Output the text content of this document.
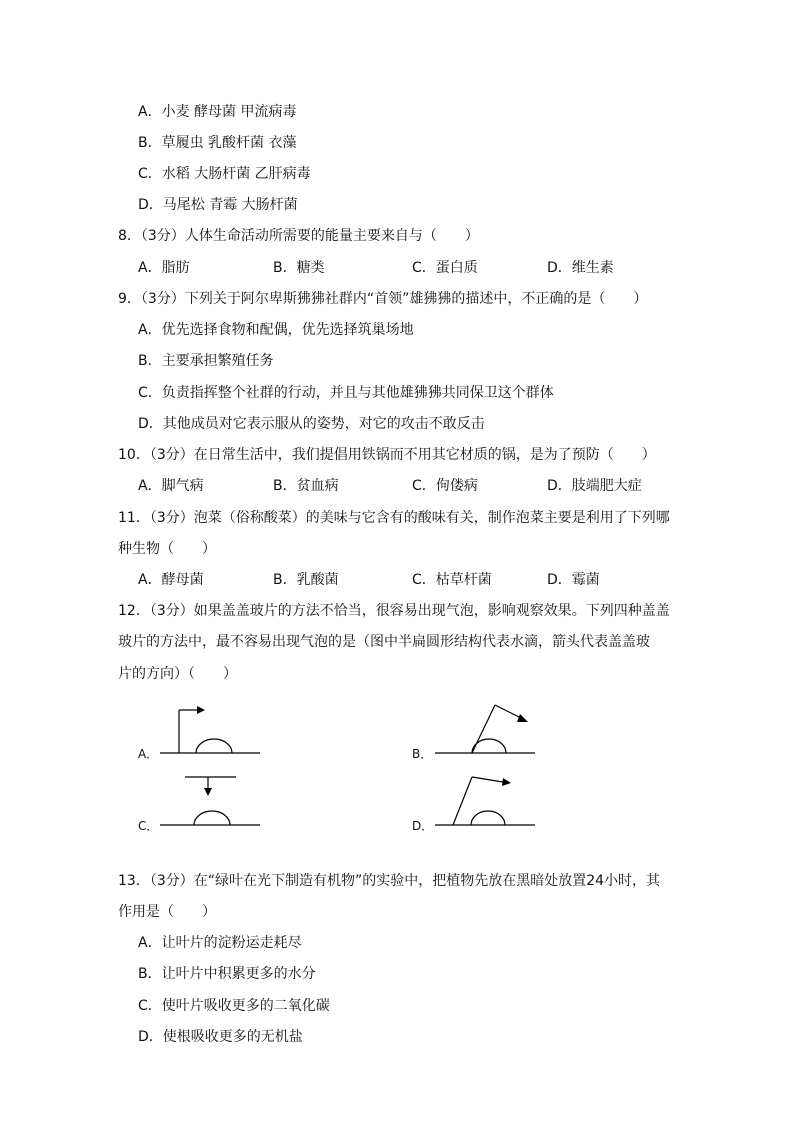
A．小麦 酵母菌 甲流病毒
B．草履虫 乳酸杆菌 衣藻
C．水稻 大肠杆菌 乙肝病毒
D．马尾松 青霉 大肠杆菌
8．（3分）人体生命活动所需要的能量主要来自与（　　）
A．脂肪	B．糖类	C．蛋白质	D．维生素
9．（3分）下列关于阿尔卑斯狒狒社群内“首领”雄狒狒的描述中，不正确的是（　　）
A．优先选择食物和配偶，优先选择筑巢场地
B．主要承担繁殖任务
C．负责指挥整个社群的行动，并且与其他雄狒狒共同保卫这个群体
D．其他成员对它表示服从的姿势，对它的攻击不敢反击
10．（3分）在日常生活中，我们提倡用铁锅而不用其它材质的锅，是为了预防（　　）
A．脚气病	B．贫血病	C．佝偻病	D．肢端肥大症
11．（3分）泡菜（俗称酸菜）的美味与它含有的酸味有关，制作泡菜主要是利用了下列哪
种生物（　　）
A．酵母菌	B．乳酸菌	C．枯草杆菌	D．霉菌
12．（3分）如果盖盖玻片的方法不恰当，很容易出现气泡，影响观察效果。下列四种盖盖
玻片的方法中，最不容易出现气泡的是（图中半扁圆形结构代表水滴，箭头代表盖盖玻
片的方向）（　　）
A．	B．
C．	D．
13．（3分）在“绿叶在光下制造有机物”的实验中，把植物先放在黑暗处放置24小时，其
作用是（　　）
A．让叶片的淀粉运走耗尽
B．让叶片中积累更多的水分
C．使叶片吸收更多的二氧化碳
D．使根吸收更多的无机盐
